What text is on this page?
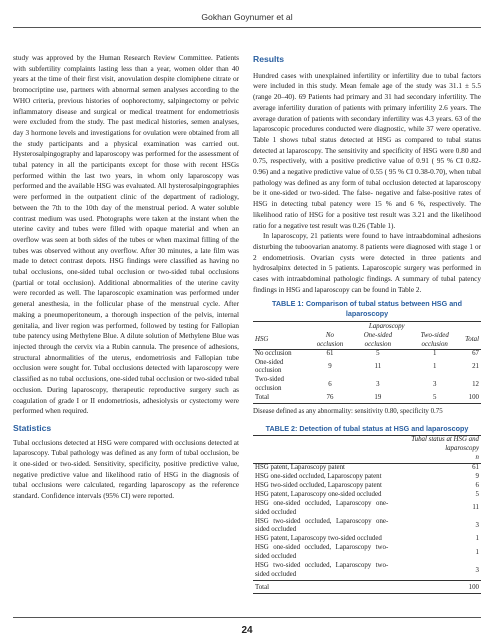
Gokhan Goynumer et al

study was approved by the Human Research Review Committee. Patients with subfertility complaints lasting less than a year, women older than 40 years at the time of their first visit, anovulation despite clomiphene citrate or bromocriptine use, partners with abnormal semen analyses according to the WHO criteria, previous histories of oophorectomy, salpingectomy or pelvic inflammatory disease and surgical or medical treatment for endometriosis were excluded from the study. The past medical histories, semen analyses, day 3 hormone levels and investigations for ovulation were obtained from all the study participants and a physical examination was carried out. Hysterosalpingography and laparoscopy was performed for the assessment of tubal patency in all the participants except for those with recent HSGs performed within the last two years, in whom only laparoscopy was performed and the available HSG was evaluated. All hysterosalpingographies were performed in the outpatient clinic of the department of radiology, between the 7th to the 10th day of the menstrual period. A water soluble contrast medium was used. Photographs were taken at the instant when the uterine cavity and tubes were filled with opaque material and when an overflow was seen at both sides of the tubes or when maximal filling of the tubes was observed without any overflow. After 30 minutes, a late film was made to detect contrast depots. HSG findings were classified as having no tubal occlusions, one-sided tubal occlusion or two-sided tubal occlusions (partial or total occlusion). Additional abnormalities of the uterine cavity were recorded as well. The laparoscopic examination was performed under general anesthesia, in the follicular phase of the menstrual cycle. After making a pneumoperitoneum, a thorough inspection of the pelvis, internal genitalia, and liver region was performed, followed by testing for Fallopian tube patency using Methylene Blue. A dilute solution of Methylene Blue was injected through the cervix via a Rubin cannula. The presence of adhesions, structural abnormalities of the uterus, endometriosis and Fallopian tube occlusion were sought for. Tubal occlusions detected with laparoscopy were classified as no tubal occlusions, one-sided tubal occlusion or two-sided tubal occlusion. During laparoscopy, therapeutic reproductive surgery such as coagulation of grade I or II endometriosis, adhesiolysis or cystectomy were performed when required.

Statistics

Tubal occlusions detected at HSG were compared with occlusions detected at laparoscopy. Tubal pathology was defined as any form of tubal occlusion, be it one-sided or two-sided. Sensitivity, specificity, positive predictive value, negative predictive value and likelihood ratio of HSG in the diagnosis of tubal occlusions were calculated, regarding laparoscopy as the reference standard. Confidence intervals (95% CI) were reported.

Results

Hundred cases with unexplained infertility or infertility due to tubal factors were included in this study. Mean female age of the study was 31.1 ± 5.5 (range 20–40). 69 Patients had primary and 31 had secondary infertility. The average infertility duration of patients with primary infertility 2.6 years. The average duration of patients with secondary infertility was 4.3 years. 63 of the laparoscopic procedures conducted were diagnostic, while 37 were operative. Table 1 shows tubal status detected at HSG as compared to tubal status detected at laparoscopy. The sensitivity and specificity of HSG were 0.80 and 0.75, respectively, with a positive predictive value of 0.91 ( 95 % CI 0.82-0.96) and a negative predictive value of 0.55 ( 95 % CI 0.38-0.70), when tubal pathology was defined as any form of tubal occlusion detected at laparoscopy be it one-sided or two-sided. The false- negative and false-positive rates of HSG in detecting tubal patency were 15 % and 6 %, respectively. The likelihood ratio of HSG for a positive test result was 3.21 and the likelihood ratio for a negative test result was 0.26 (Table 1).

In laparoscopy, 21 patients were found to have intraabdominal adhesions disturbing the tuboovarian anatomy. 8 patients were diagnosed with stage 1 or 2 endometriosis. Ovarian cysts were detected in three patients and hydrosalpinx detected in 5 patients. Laparoscopic surgery was performed in cases with intraabdominal pathologic findings. A summary of tubal patency findings in HSG and laparoscopy can be found in Table 2.

TABLE 1: Comparison of tubal status between HSG and laparoscopy
	Laparoscopy			
HSG	No occlusion	One-sided occlusion	Two-sided occlusion	Total
No occlusion	61	5	1	67
One-sided occlusion	9	11	1	21
Two-sided occlusion	6	3	3	12
Total	76	19	5	100
Disease defined as any abnormality: sensitivity 0.80, specificity 0.75
TABLE 2: Detection of tubal status at HSG and laparoscopy
	Tubal status at HSG and laparoscopy
	n
HSG patent, Laparoscopy patent	61
HSG one-sided occluded, Laparoscopy patent	9
HSG two-sided occluded, Laparoscopy patent	6
HSG patent, Laparoscopy one-sided occluded	5
HSG one-sided occluded, Laparoscopy one-sided occluded	11
HSG two-sided occluded, Laparoscopy one-sided occluded	3
HSG patent, Laparoscopy two-sided occluded	1
HSG one-sided occluded, Laparoscopy two-sided occluded	1
HSG two-sided occluded, Laparoscopy two-sided occluded	3

Total	100
24
